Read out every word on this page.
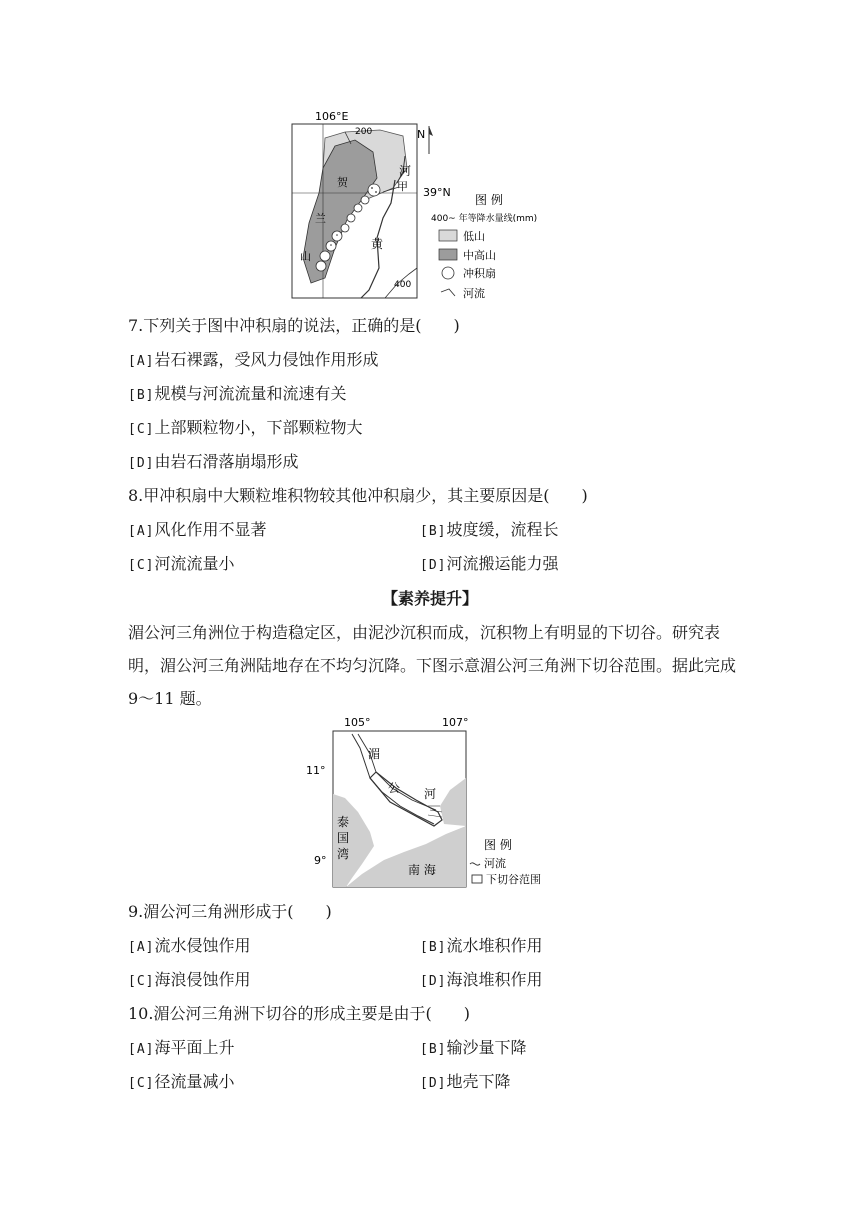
106°E
N
200
400
39°N
甲
河
黄
贺
兰
山
图 例
400~ 年等降水量线(mm)
低山
中高山
冲积扇
河流
7.下列关于图中冲积扇的说法，正确的是(　　)
[A]岩石裸露，受风力侵蚀作用形成
[B]规模与河流流量和流速有关
[C]上部颗粒物小，下部颗粒物大
[D]由岩石滑落崩塌形成
8.甲冲积扇中大颗粒堆积物较其他冲积扇少，其主要原因是(　　)
[A]风化作用不显著	[B]坡度缓，流程长
[C]河流流量小	[D]河流搬运能力强
【素养提升】
湄公河三角洲位于构造稳定区，由泥沙沉积而成，沉积物上有明显的下切谷。研究表明，湄公河三角洲陆地存在不均匀沉降。下图示意湄公河三角洲下切谷范围。据此完成 9～11 题。
105°	107°
11°
9°
湄
公 河
泰
国
湾
南 海
图 例
河流
下切谷范围
9.湄公河三角洲形成于(　　)
[A]流水侵蚀作用	[B]流水堆积作用
[C]海浪侵蚀作用	[D]海浪堆积作用
10.湄公河三角洲下切谷的形成主要是由于(　　)
[A]海平面上升	[B]输沙量下降
[C]径流量减小	[D]地壳下降
